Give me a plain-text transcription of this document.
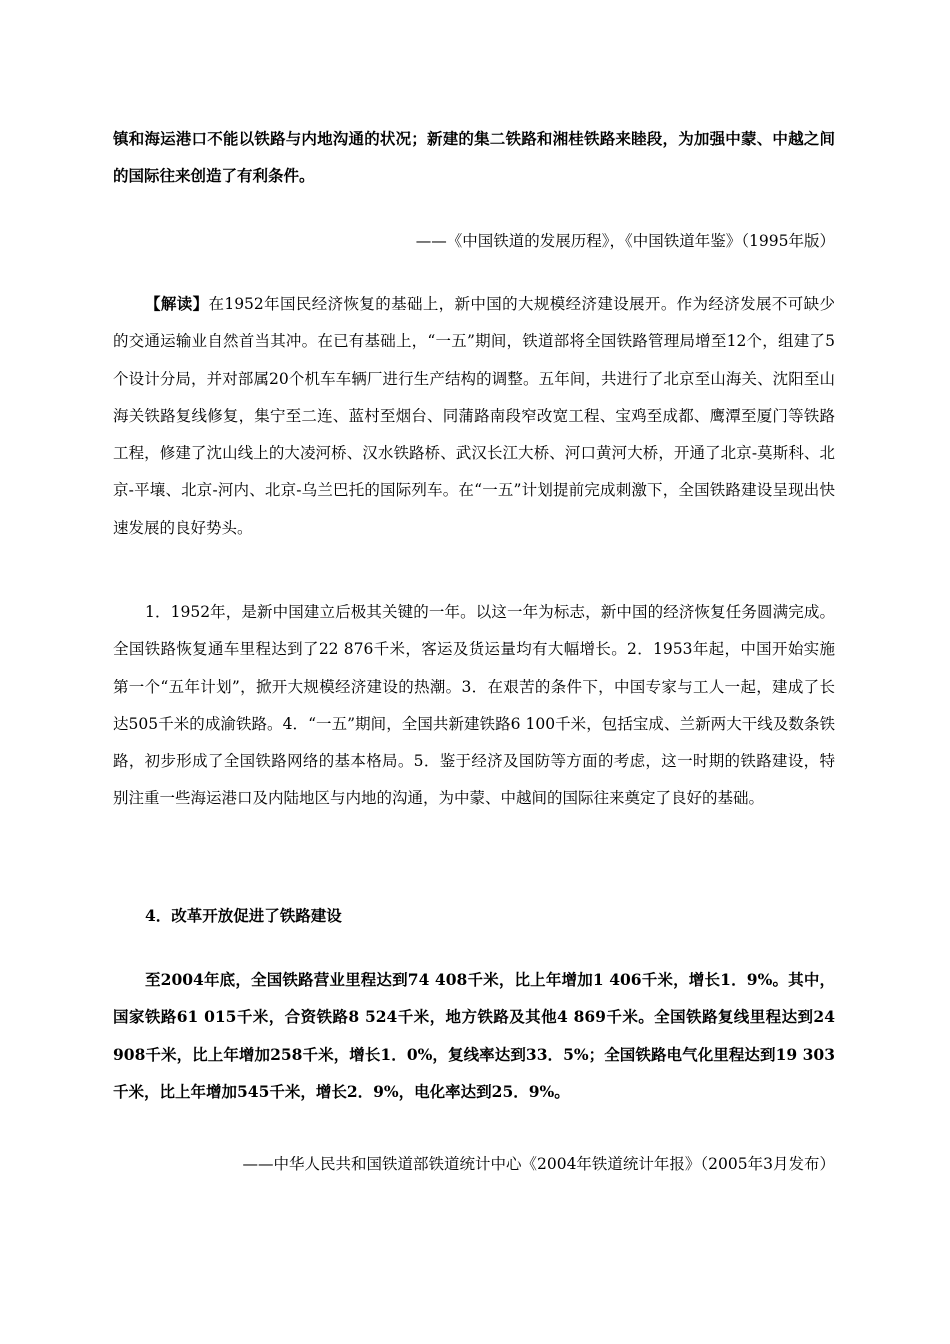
镇和海运港口不能以铁路与内地沟通的状况；新建的集二铁路和湘桂铁路来睦段，为加强中蒙、中越之间的国际往来创造了有利条件。

——《中国铁道的发展历程》，《中国铁道年鉴》（1995年版）

【解读】在1952年国民经济恢复的基础上，新中国的大规模经济建设展开。作为经济发展不可缺少的交通运输业自然首当其冲。在已有基础上，“一五”期间，铁道部将全国铁路管理局增至12个，组建了5个设计分局，并对部属20个机车车辆厂进行生产结构的调整。五年间，共进行了北京至山海关、沈阳至山海关铁路复线修复，集宁至二连、蓝村至烟台、同蒲路南段窄改宽工程、宝鸡至成都、鹰潭至厦门等铁路工程，修建了沈山线上的大凌河桥、汉水铁路桥、武汉长江大桥、河口黄河大桥，开通了北京-莫斯科、北京-平壤、北京-河内、北京-乌兰巴托的国际列车。在“一五”计划提前完成刺激下，全国铁路建设呈现出快速发展的良好势头。

1．1952年，是新中国建立后极其关键的一年。以这一年为标志，新中国的经济恢复任务圆满完成。全国铁路恢复通车里程达到了22 876千米，客运及货运量均有大幅增长。2．1953年起，中国开始实施第一个“五年计划”，掀开大规模经济建设的热潮。3．在艰苦的条件下，中国专家与工人一起，建成了长达505千米的成渝铁路。4．“一五”期间，全国共新建铁路6 100千米，包括宝成、兰新两大干线及数条铁路，初步形成了全国铁路网络的基本格局。5．鉴于经济及国防等方面的考虑，这一时期的铁路建设，特别注重一些海运港口及内陆地区与内地的沟通，为中蒙、中越间的国际往来奠定了良好的基础。

4．改革开放促进了铁路建设

至2004年底，全国铁路营业里程达到74 408千米，比上年增加1 406千米，增长1．9%。其中，国家铁路61 015千米，合资铁路8 524千米，地方铁路及其他4 869千米。全国铁路复线里程达到24 908千米，比上年增加258千米，增长1．0%，复线率达到33．5%；全国铁路电气化里程达到19 303千米，比上年增加545千米，增长2．9%，电化率达到25．9%。

——中华人民共和国铁道部铁道统计中心《2004年铁道统计年报》（2005年3月发布）
